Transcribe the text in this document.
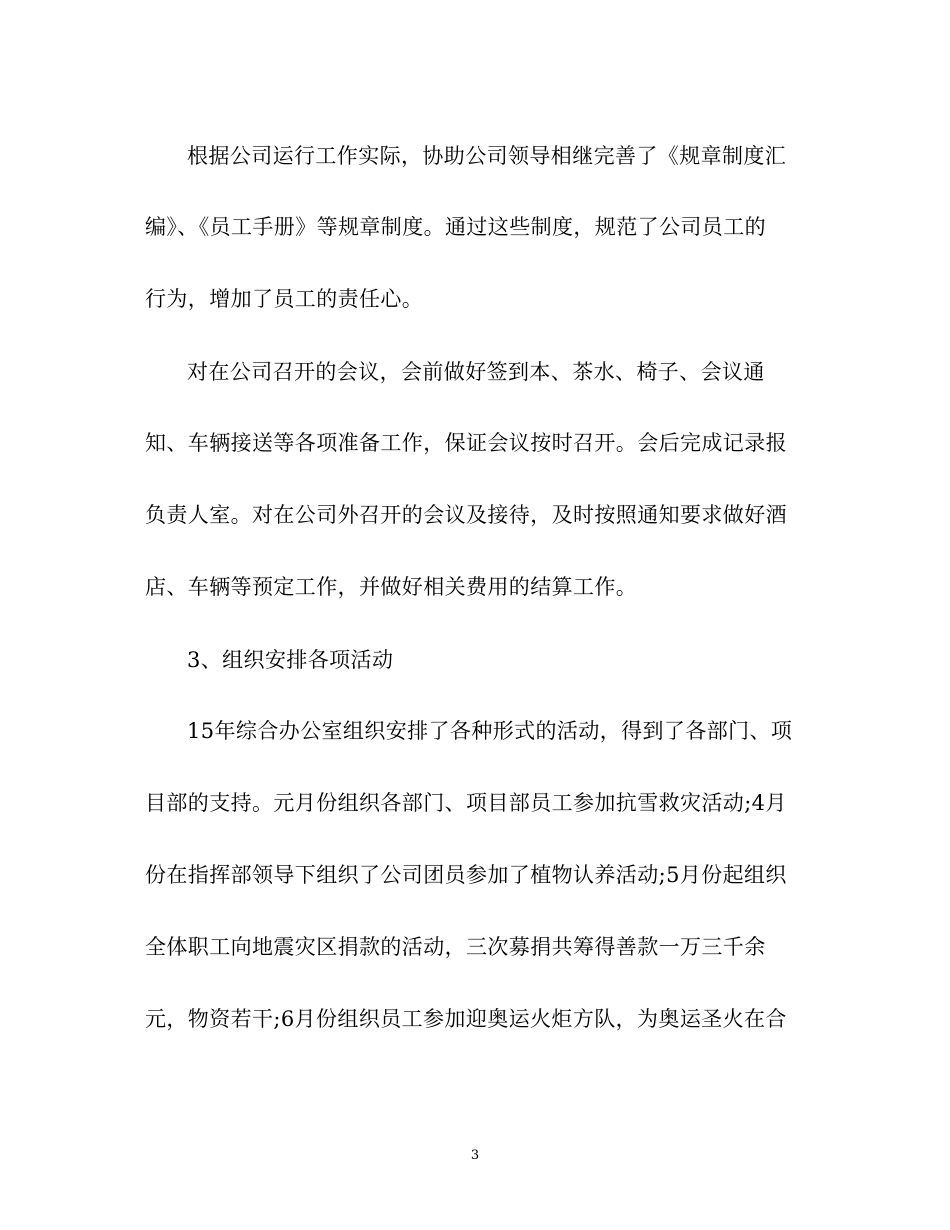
根据公司运行工作实际，协助公司领导相继完善了《规章制度汇
编》、《员工手册》等规章制度。通过这些制度，规范了公司员工的
行为，增加了员工的责任心。
对在公司召开的会议，会前做好签到本、茶水、椅子、会议通
知、车辆接送等各项准备工作，保证会议按时召开。会后完成记录报
负责人室。对在公司外召开的会议及接待，及时按照通知要求做好酒
店、车辆等预定工作，并做好相关费用的结算工作。
3、组织安排各项活动
15年综合办公室组织安排了各种形式的活动，得到了各部门、项
目部的支持。元月份组织各部门、项目部员工参加抗雪救灾活动;4月
份在指挥部领导下组织了公司团员参加了植物认养活动;5月份起组织
全体职工向地震灾区捐款的活动，三次募捐共筹得善款一万三千余
元，物资若干;6月份组织员工参加迎奥运火炬方队，为奥运圣火在合
3
